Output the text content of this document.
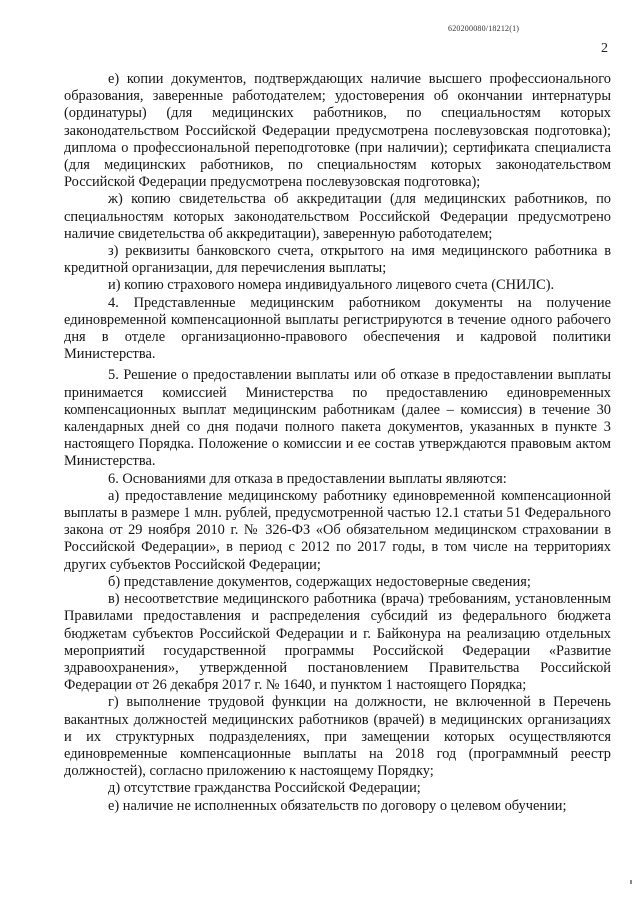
620200080/18212(1)
2

е) копии документов, подтверждающих наличие высшего профессионального образования, заверенные работодателем; удостоверения об окончании интернатуры (ординатуры) (для медицинских работников, по специальностям которых законодательством Российской Федерации предусмотрена послевузовская подготовка); диплома о профессиональной переподготовке (при наличии); сертификата специалиста (для медицинских работников, по специальностям которых законодательством Российской Федерации предусмотрена послевузовская подготовка);

ж) копию свидетельства об аккредитации (для медицинских работников, по специальностям которых законодательством Российской Федерации предусмотрено наличие свидетельства об аккредитации), заверенную работодателем;

з) реквизиты банковского счета, открытого на имя медицинского работника в кредитной организации, для перечисления выплаты;

и) копию страхового номера индивидуального лицевого счета (СНИЛС).

4. Представленные медицинским работником документы на получение единовременной компенсационной выплаты регистрируются в течение одного рабочего дня в отделе организационно-правового обеспечения и кадровой политики Министерства.

5. Решение о предоставлении выплаты или об отказе в предоставлении выплаты принимается комиссией Министерства по предоставлению единовременных компенсационных выплат медицинским работникам (далее – комиссия) в течение 30 календарных дней со дня подачи полного пакета документов, указанных в пункте 3 настоящего Порядка. Положение о комиссии и ее состав утверждаются правовым актом Министерства.

6. Основаниями для отказа в предоставлении выплаты являются:

а) предоставление медицинскому работнику единовременной компенсационной выплаты в размере 1 млн. рублей, предусмотренной частью 12.1 статьи 51 Федерального закона от 29 ноября 2010 г. № 326-ФЗ «Об обязательном медицинском страховании в Российской Федерации», в период с 2012 по 2017 годы, в том числе на территориях других субъектов Российской Федерации;

б) представление документов, содержащих недостоверные сведения;

в) несоответствие медицинского работника (врача) требованиям, установленным Правилами предоставления и распределения субсидий из федерального бюджета бюджетам субъектов Российской Федерации и г. Байконура на реализацию отдельных мероприятий государственной программы Российской Федерации «Развитие здравоохранения», утвержденной постановлением Правительства Российской Федерации от 26 декабря 2017 г. № 1640, и пунктом 1 настоящего Порядка;

г) выполнение трудовой функции на должности, не включенной в Перечень вакантных должностей медицинских работников (врачей) в медицинских организациях и их структурных подразделениях, при замещении которых осуществляются единовременные компенсационные выплаты на 2018 год (программный реестр должностей), согласно приложению к настоящему Порядку;

д) отсутствие гражданства Российской Федерации;

е) наличие не исполненных обязательств по договору о целевом обучении;
